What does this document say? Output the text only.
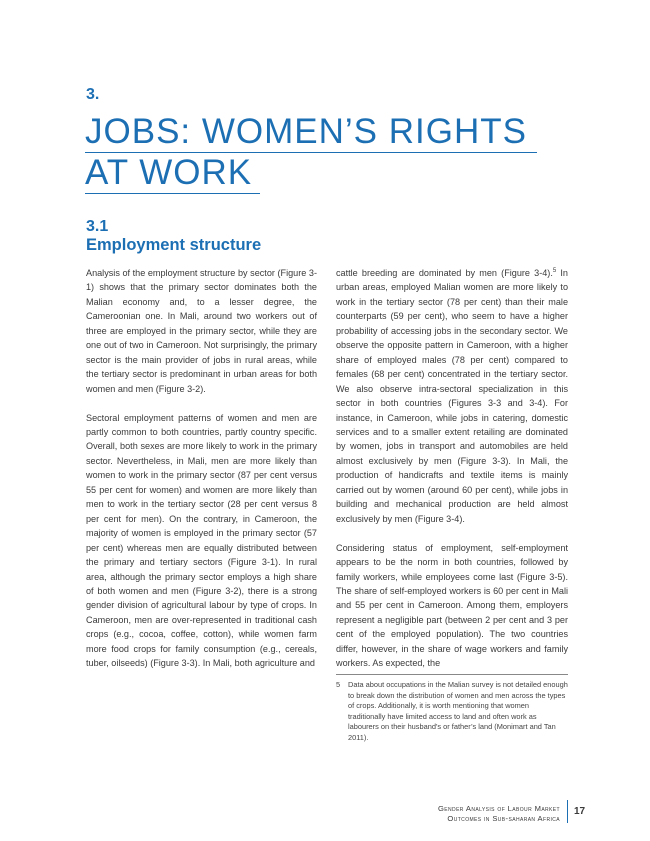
3.
JOBS: WOMEN’S RIGHTS
AT WORK
3.1
Employment structure

Analysis of the employment structure by sector (Figure 3-1) shows that the primary sector dominates both the Malian economy and, to a lesser degree, the Cameroonian one. In Mali, around two workers out of three are employed in the primary sector, while they are one out of two in Cameroon. Not surprisingly, the primary sector is the main provider of jobs in rural areas, while the tertiary sector is predominant in urban areas for both women and men (Figure 3-2).

Sectoral employment patterns of women and men are partly common to both countries, partly country specific. Overall, both sexes are more likely to work in the primary sector. Nevertheless, in Mali, men are more likely than women to work in the primary sector (87 per cent versus 55 per cent for women) and women are more likely than men to work in the tertiary sector (28 per cent versus 8 per cent for men). On the contrary, in Cameroon, the majority of women is employed in the primary sector (57 per cent) whereas men are equally distributed between the primary and tertiary sectors (Figure 3-1). In rural area, although the primary sector employs a high share of both women and men (Figure 3-2), there is a strong gender division of agricultural labour by type of crops. In Cameroon, men are over-represented in traditional cash crops (e.g., cocoa, coffee, cotton), while women farm more food crops for family consumption (e.g., cereals, tuber, oilseeds) (Figure 3-3). In Mali, both agriculture and

cattle breeding are dominated by men (Figure 3-4).$^5$ In urban areas, employed Malian women are more likely to work in the tertiary sector (78 per cent) than their male counterparts (59 per cent), who seem to have a higher probability of accessing jobs in the secondary sector. We observe the opposite pattern in Cameroon, with a higher share of employed males (78 per cent) compared to females (68 per cent) concentrated in the tertiary sector. We also observe intra-sectoral specialization in this sector in both countries (Figures 3-3 and 3-4). For instance, in Cameroon, while jobs in catering, domestic services and to a smaller extent retailing are dominated by women, jobs in transport and automobiles are held almost exclusively by men (Figure 3-3). In Mali, the production of handicrafts and textile items is mainly carried out by women (around 60 per cent), while jobs in building and mechanical production are held almost exclusively by men (Figure 3-4).

Considering status of employment, self-employment appears to be the norm in both countries, followed by family workers, while employees come last (Figure 3-5). The share of self-employed workers is 60 per cent in Mali and 55 per cent in Cameroon. Among them, employers represent a negligible part (between 2 per cent and 3 per cent of the employed population). The two countries differ, however, in the share of wage workers and family workers. As expected, the

5 Data about occupations in the Malian survey is not detailed enough to break down the distribution of women and men across the types of crops. Additionally, it is worth mentioning that women traditionally have limited access to land and often work as labourers on their husband’s or father’s land (Monimart and Tan 2011).
Gender Analysis of Labour Market
Outcomes in Sub-saharan Africa
17
